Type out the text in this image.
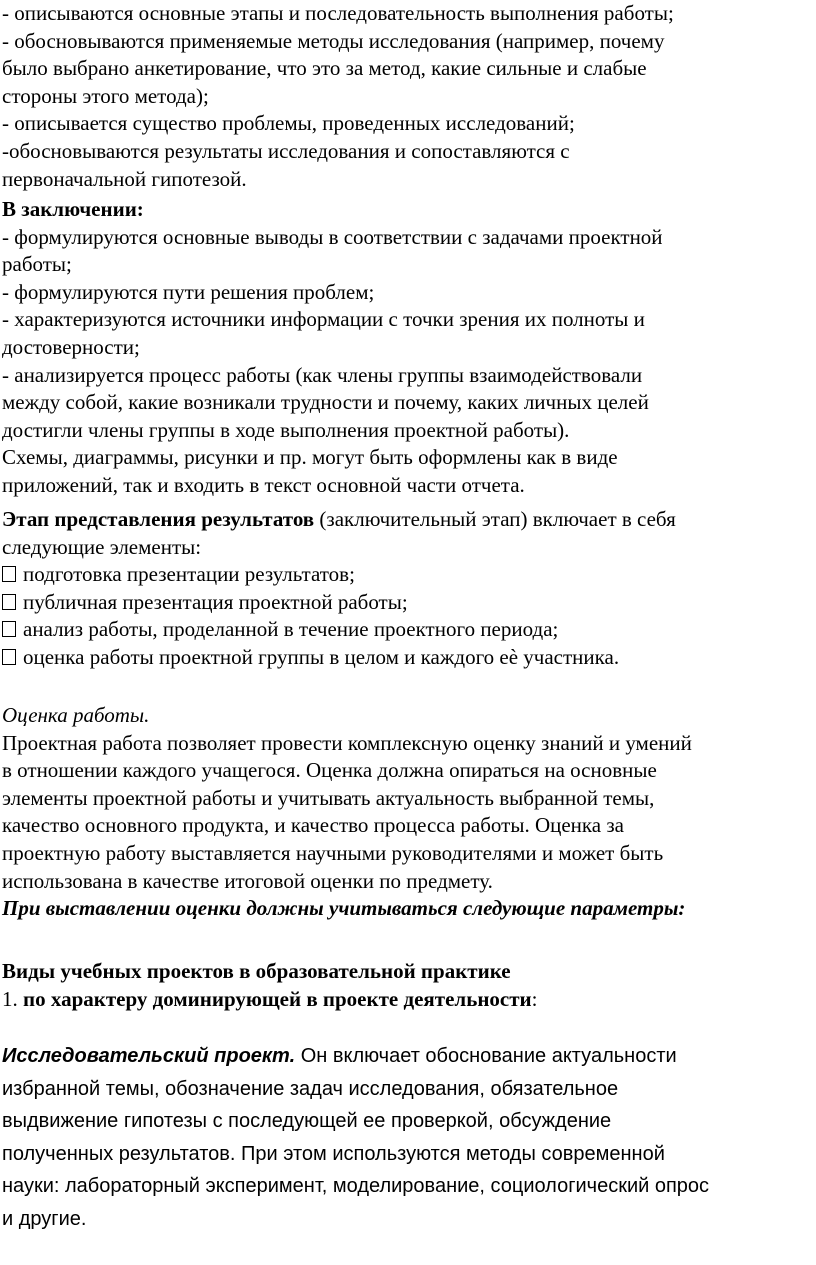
- описываются основные этапы и последовательность выполнения работы;

- обосновываются применяемые методы исследования (например, почему

было выбрано анкетирование, что это за метод, какие сильные и слабые

стороны этого метода);

- описывается существо проблемы, проведенных исследований;

-обосновываются результаты исследования и сопоставляются с

первоначальной гипотезой.

В заключении:

- формулируются основные выводы в соответствии с задачами проектной

работы;

- формулируются пути решения проблем;

- характеризуются источники информации с точки зрения их полноты и

достоверности;

- анализируется процесс работы (как члены группы взаимодействовали

между собой, какие возникали трудности и почему, каких личных целей

достигли члены группы в ходе выполнения проектной работы).

Схемы, диаграммы, рисунки и пр. могут быть оформлены как в виде

приложений, так и входить в текст основной части отчета.

Этап представления результатов (заключительный этап) включает в себя

следующие элементы:

подготовка презентации результатов;

публичная презентация проектной работы;

анализ работы, проделанной в течение проектного периода;

оценка работы проектной группы в целом и каждого еѐ участника.

Оценка работы.

Проектная работа позволяет провести комплексную оценку знаний и умений

в отношении каждого учащегося. Оценка должна опираться на основные

элементы проектной работы и учитывать актуальность выбранной темы,

качество основного продукта, и качество процесса работы. Оценка за

проектную работу выставляется научными руководителями и может быть

использована в качестве итоговой оценки по предмету.

При выставлении оценки должны учитываться следующие параметры:

Виды учебных проектов в образовательной практике

1. по характеру доминирующей в проекте деятельности:

Исследовательский проект. Он включает обоснование актуальности

избранной темы, обозначение задач исследования, обязательное

выдвижение гипотезы с последующей ее проверкой, обсуждение

полученных результатов. При этом используются методы современной

науки: лабораторный эксперимент, моделирование, социологический опрос

и другие.
